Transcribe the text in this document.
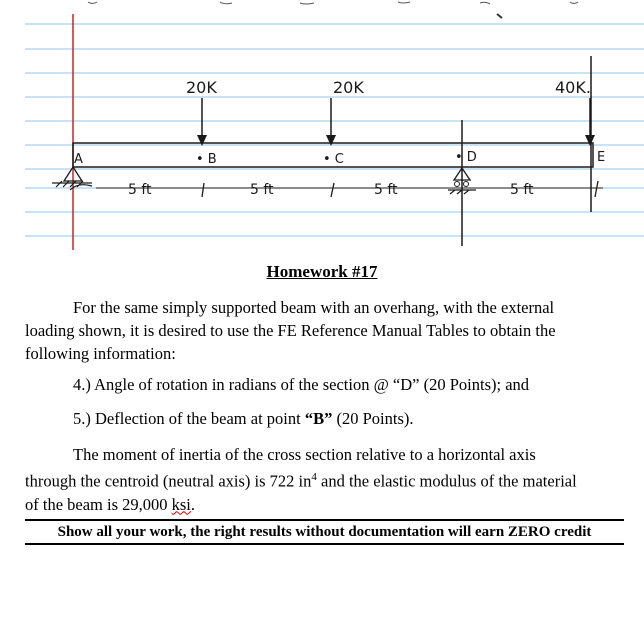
20K	20K	40K.
A	• B	• C	• D	E
5 ft	5 ft	5 ft	5 ft
Homework #17
For the same simply supported beam with an overhang, with the external
loading shown, it is desired to use the FE Reference Manual Tables to obtain the
following information:
4.) Angle of rotation in radians of the section @ “D” (20 Points); and
5.) Deflection of the beam at point “B” (20 Points).
The moment of inertia of the cross section relative to a horizontal axis
through the centroid (neutral axis) is 722 $in^4$ and the elastic modulus of the material
of the beam is 29,000 ksi.
Show all your work, the right results without documentation will earn ZERO credit
